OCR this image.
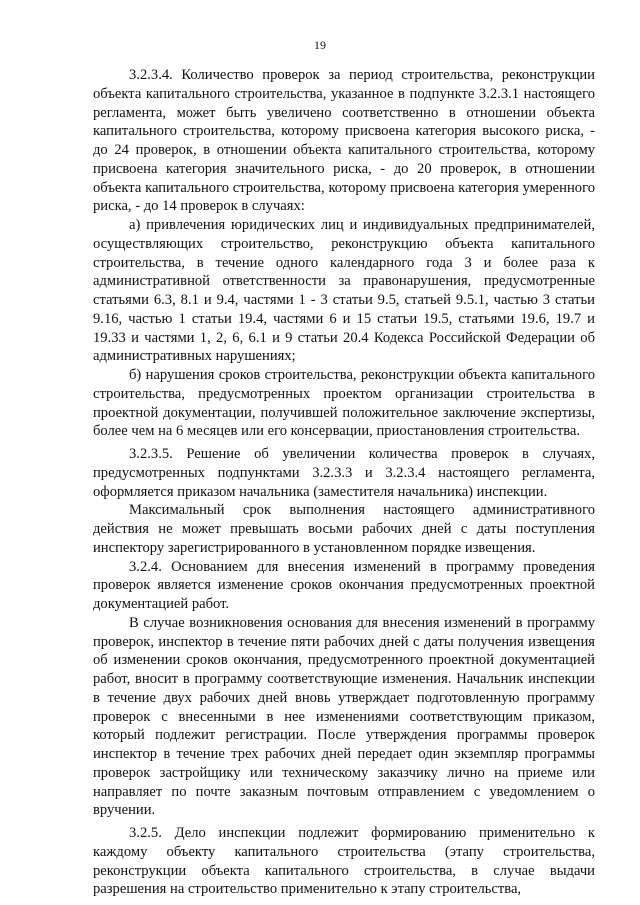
19

3.2.3.4. Количество проверок за период строительства, реконструкции объекта капитального строительства, указанное в подпункте 3.2.3.1 настоящего регламента, может быть увеличено соответственно в отношении объекта капитального строительства, которому присвоена категория высокого риска, - до 24 проверок, в отношении объекта капитального строительства, которому присвоена категория значительного риска, - до 20 проверок, в отношении объекта капитального строительства, которому присвоена категория умеренного риска, - до 14 проверок в случаях:

а) привлечения юридических лиц и индивидуальных предпринимателей, осуществляющих строительство, реконструкцию объекта капитального строительства, в течение одного календарного года 3 и более раза к административной ответственности за правонарушения, предусмотренные статьями 6.3, 8.1 и 9.4, частями 1 - 3 статьи 9.5, статьей 9.5.1, частью 3 статьи 9.16, частью 1 статьи 19.4, частями 6 и 15 статьи 19.5, статьями 19.6, 19.7 и 19.33 и частями 1, 2, 6, 6.1 и 9 статьи 20.4 Кодекса Российской Федерации об административных нарушениях;

б) нарушения сроков строительства, реконструкции объекта капитального строительства, предусмотренных проектом организации строительства в проектной документации, получившей положительное заключение экспертизы, более чем на 6 месяцев или его консервации, приостановления строительства.

3.2.3.5. Решение об увеличении количества проверок в случаях, предусмотренных подпунктами 3.2.3.3 и 3.2.3.4 настоящего регламента, оформляется приказом начальника (заместителя начальника) инспекции.

Максимальный срок выполнения настоящего административного действия не может превышать восьми рабочих дней с даты поступления инспектору зарегистрированного в установленном порядке извещения.

3.2.4. Основанием для внесения изменений в программу проведения проверок является изменение сроков окончания предусмотренных проектной документацией работ.

В случае возникновения основания для внесения изменений в программу проверок, инспектор в течение пяти рабочих дней с даты получения извещения об изменении сроков окончания, предусмотренного проектной документацией работ, вносит в программу соответствующие изменения. Начальник инспекции в течение двух рабочих дней вновь утверждает подготовленную программу проверок с внесенными в нее изменениями соответствующим приказом, который подлежит регистрации. После утверждения программы проверок инспектор в течение трех рабочих дней передает один экземпляр программы проверок застройщику или техническому заказчику лично на приеме или направляет по почте заказным почтовым отправлением с уведомлением о вручении.

3.2.5. Дело инспекции подлежит формированию применительно к каждому объекту капитального строительства (этапу строительства, реконструкции объекта капитального строительства, в случае выдачи разрешения на строительство применительно к этапу строительства,
